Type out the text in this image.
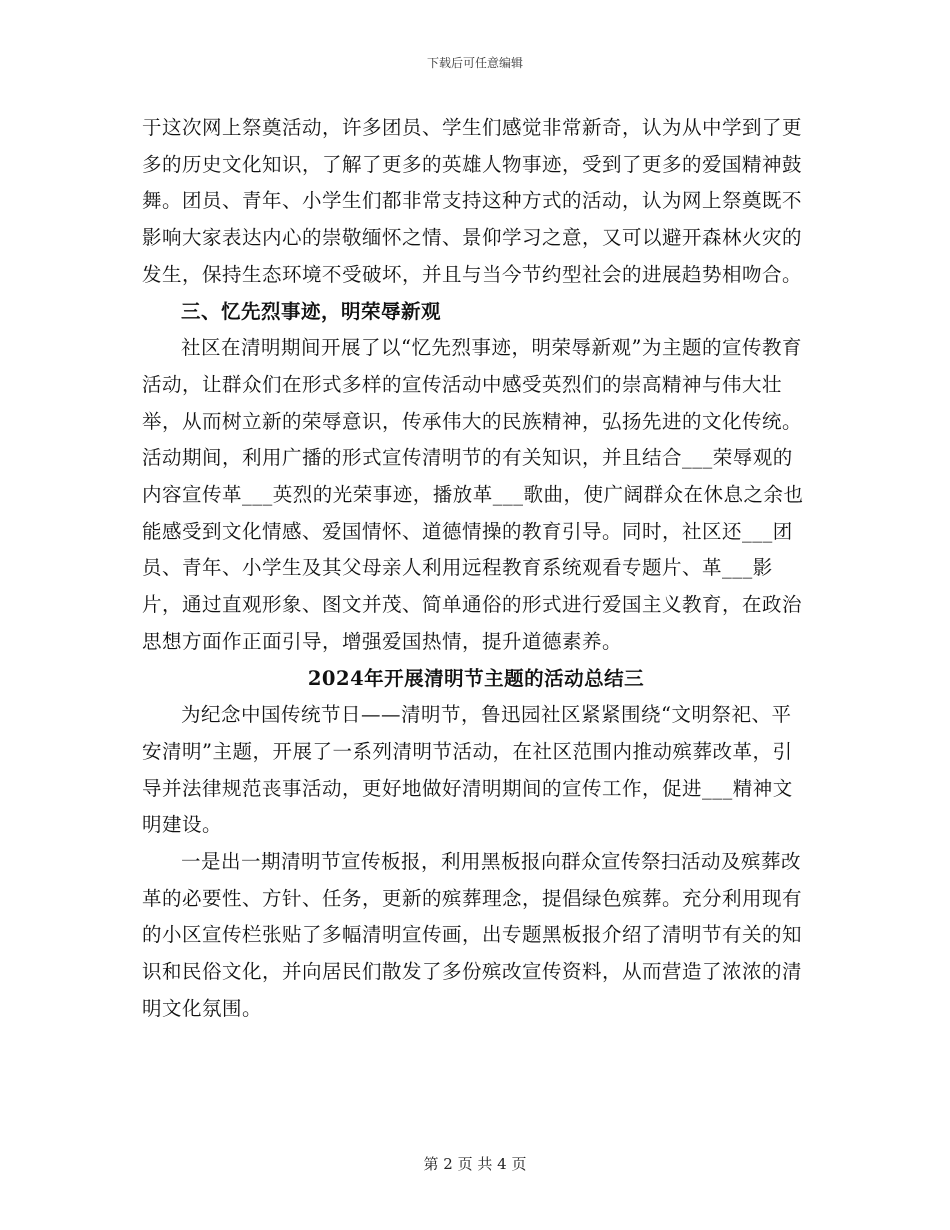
下载后可任意编辑

于这次网上祭奠活动，许多团员、学生们感觉非常新奇，认为从中学到了更多的历史文化知识，了解了更多的英雄人物事迹，受到了更多的爱国精神鼓舞。团员、青年、小学生们都非常支持这种方式的活动，认为网上祭奠既不影响大家表达内心的崇敬缅怀之情、景仰学习之意，又可以避开森林火灾的发生，保持生态环境不受破坏，并且与当今节约型社会的进展趋势相吻合。

三、忆先烈事迹，明荣辱新观

社区在清明期间开展了以“忆先烈事迹，明荣辱新观”为主题的宣传教育活动，让群众们在形式多样的宣传活动中感受英烈们的崇高精神与伟大壮举，从而树立新的荣辱意识，传承伟大的民族精神，弘扬先进的文化传统。活动期间，利用广播的形式宣传清明节的有关知识，并且结合___荣辱观的内容宣传革___英烈的光荣事迹，播放革___歌曲，使广阔群众在休息之余也能感受到文化情感、爱国情怀、道德情操的教育引导。同时，社区还___团员、青年、小学生及其父母亲人利用远程教育系统观看专题片、革___影片，通过直观形象、图文并茂、简单通俗的形式进行爱国主义教育，在政治思想方面作正面引导，增强爱国热情，提升道德素养。

2024年开展清明节主题的活动总结三

为纪念中国传统节日——清明节，鲁迅园社区紧紧围绕“文明祭祀、平安清明”主题，开展了一系列清明节活动，在社区范围内推动殡葬改革，引导并法律规范丧事活动，更好地做好清明期间的宣传工作，促进___精神文明建设。

一是出一期清明节宣传板报，利用黑板报向群众宣传祭扫活动及殡葬改革的必要性、方针、任务，更新的殡葬理念，提倡绿色殡葬。充分利用现有的小区宣传栏张贴了多幅清明宣传画，出专题黑板报介绍了清明节有关的知识和民俗文化，并向居民们散发了多份殡改宣传资料，从而营造了浓浓的清明文化氛围。

第 2 页 共 4 页
